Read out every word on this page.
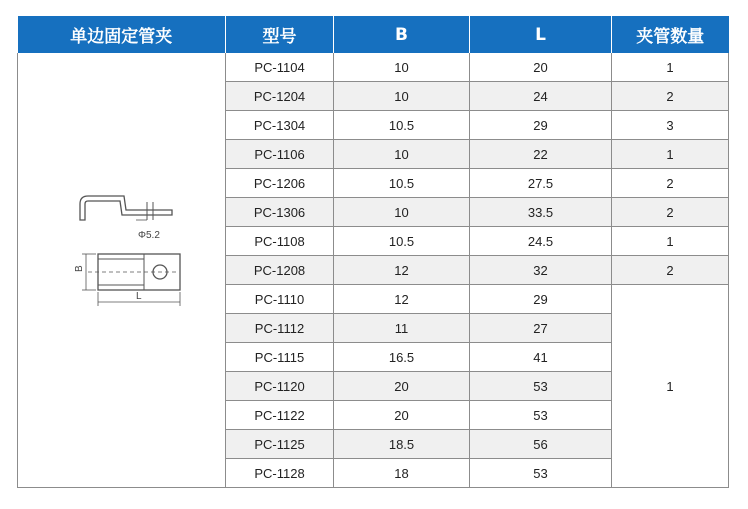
单边固定管夹	型号	B	L	夹管数量

Φ5.2
B
L	PC-1104	10	20	1
	PC-1204	10	24	2
	PC-1304	10.5	29	3
	PC-1106	10	22	1
	PC-1206	10.5	27.5	2
	PC-1306	10	33.5	2
	PC-1108	10.5	24.5	1
	PC-1208	12	32	2
	PC-1110	12	29	1
	PC-1112	11	27	
	PC-1115	16.5	41	
	PC-1120	20	53	
	PC-1122	20	53	
	PC-1125	18.5	56	
	PC-1128	18	53	
